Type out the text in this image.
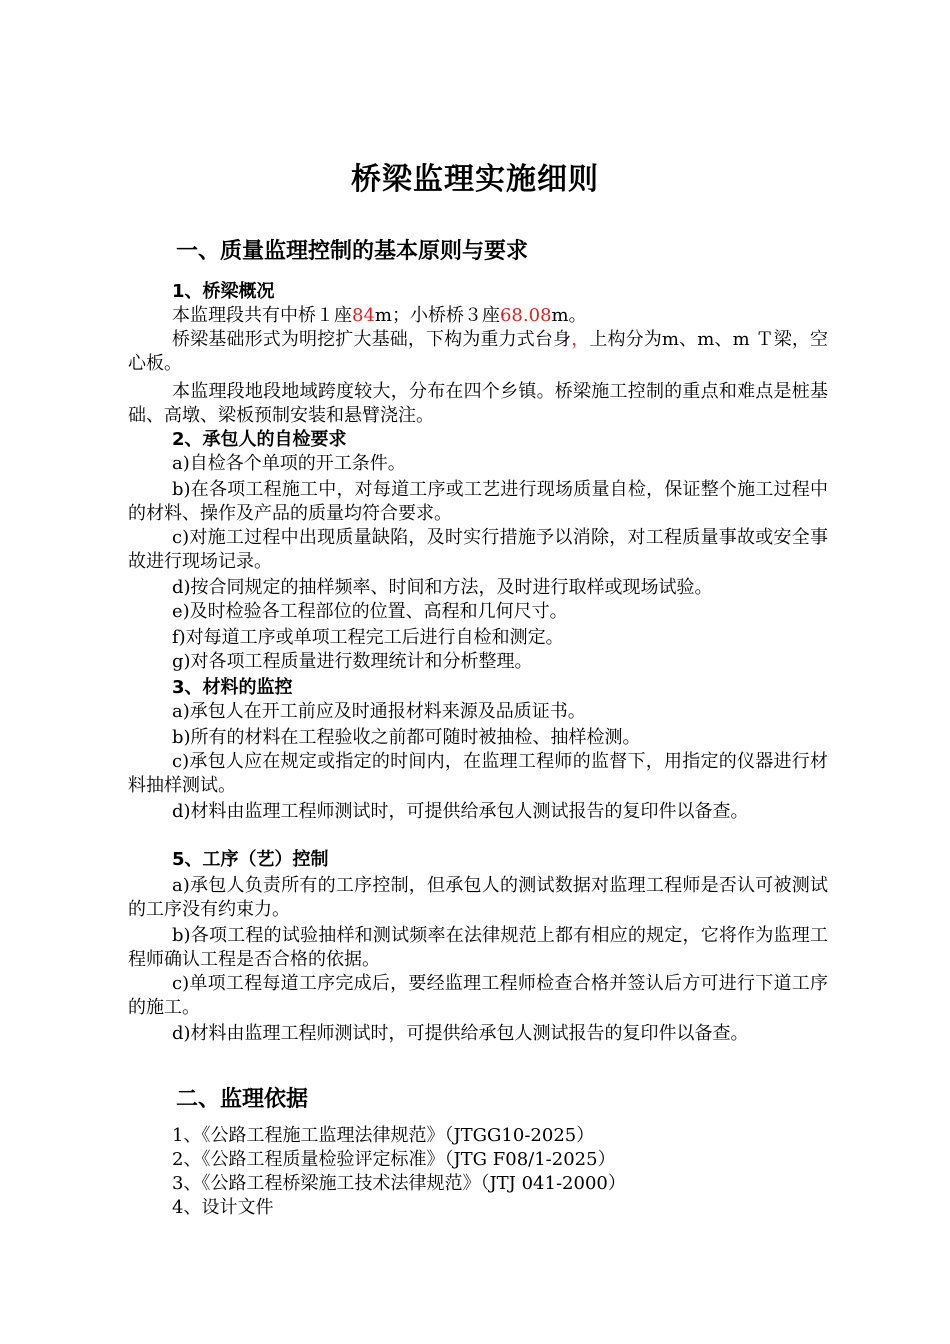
桥梁监理实施细则
一、质量监理控制的基本原则与要求
1、桥梁概况
本监理段共有中桥１座84m；小桥桥３座68.08m。
桥梁基础形式为明挖扩大基础，下构为重力式台身，上构分为m、m、m Ｔ梁，空心板。
本监理段地段地域跨度较大，分布在四个乡镇。桥梁施工控制的重点和难点是桩基础、高墩、梁板预制安装和悬臂浇注。
2、承包人的自检要求
a)自检各个单项的开工条件。
b)在各项工程施工中，对每道工序或工艺进行现场质量自检，保证整个施工过程中的材料、操作及产品的质量均符合要求。
c)对施工过程中出现质量缺陷，及时实行措施予以消除，对工程质量事故或安全事故进行现场记录。
d)按合同规定的抽样频率、时间和方法，及时进行取样或现场试验。
e)及时检验各工程部位的位置、高程和几何尺寸。
f)对每道工序或单项工程完工后进行自检和测定。
g)对各项工程质量进行数理统计和分析整理。
3、材料的监控
a)承包人在开工前应及时通报材料来源及品质证书。
b)所有的材料在工程验收之前都可随时被抽检、抽样检测。
c)承包人应在规定或指定的时间内，在监理工程师的监督下，用指定的仪器进行材料抽样测试。
d)材料由监理工程师测试时，可提供给承包人测试报告的复印件以备查。
5、工序（艺）控制
a)承包人负责所有的工序控制，但承包人的测试数据对监理工程师是否认可被测试的工序没有约束力。
b)各项工程的试验抽样和测试频率在法律规范上都有相应的规定，它将作为监理工程师确认工程是否合格的依据。
c)单项工程每道工序完成后，要经监理工程师检查合格并签认后方可进行下道工序的施工。
d)材料由监理工程师测试时，可提供给承包人测试报告的复印件以备查。
二、监理依据
1、《公路工程施工监理法律规范》（JTGG10-2025）
2、《公路工程质量检验评定标准》（JTG F08/1-2025）
3、《公路工程桥梁施工技术法律规范》（JTJ 041-2000）
4、设计文件
